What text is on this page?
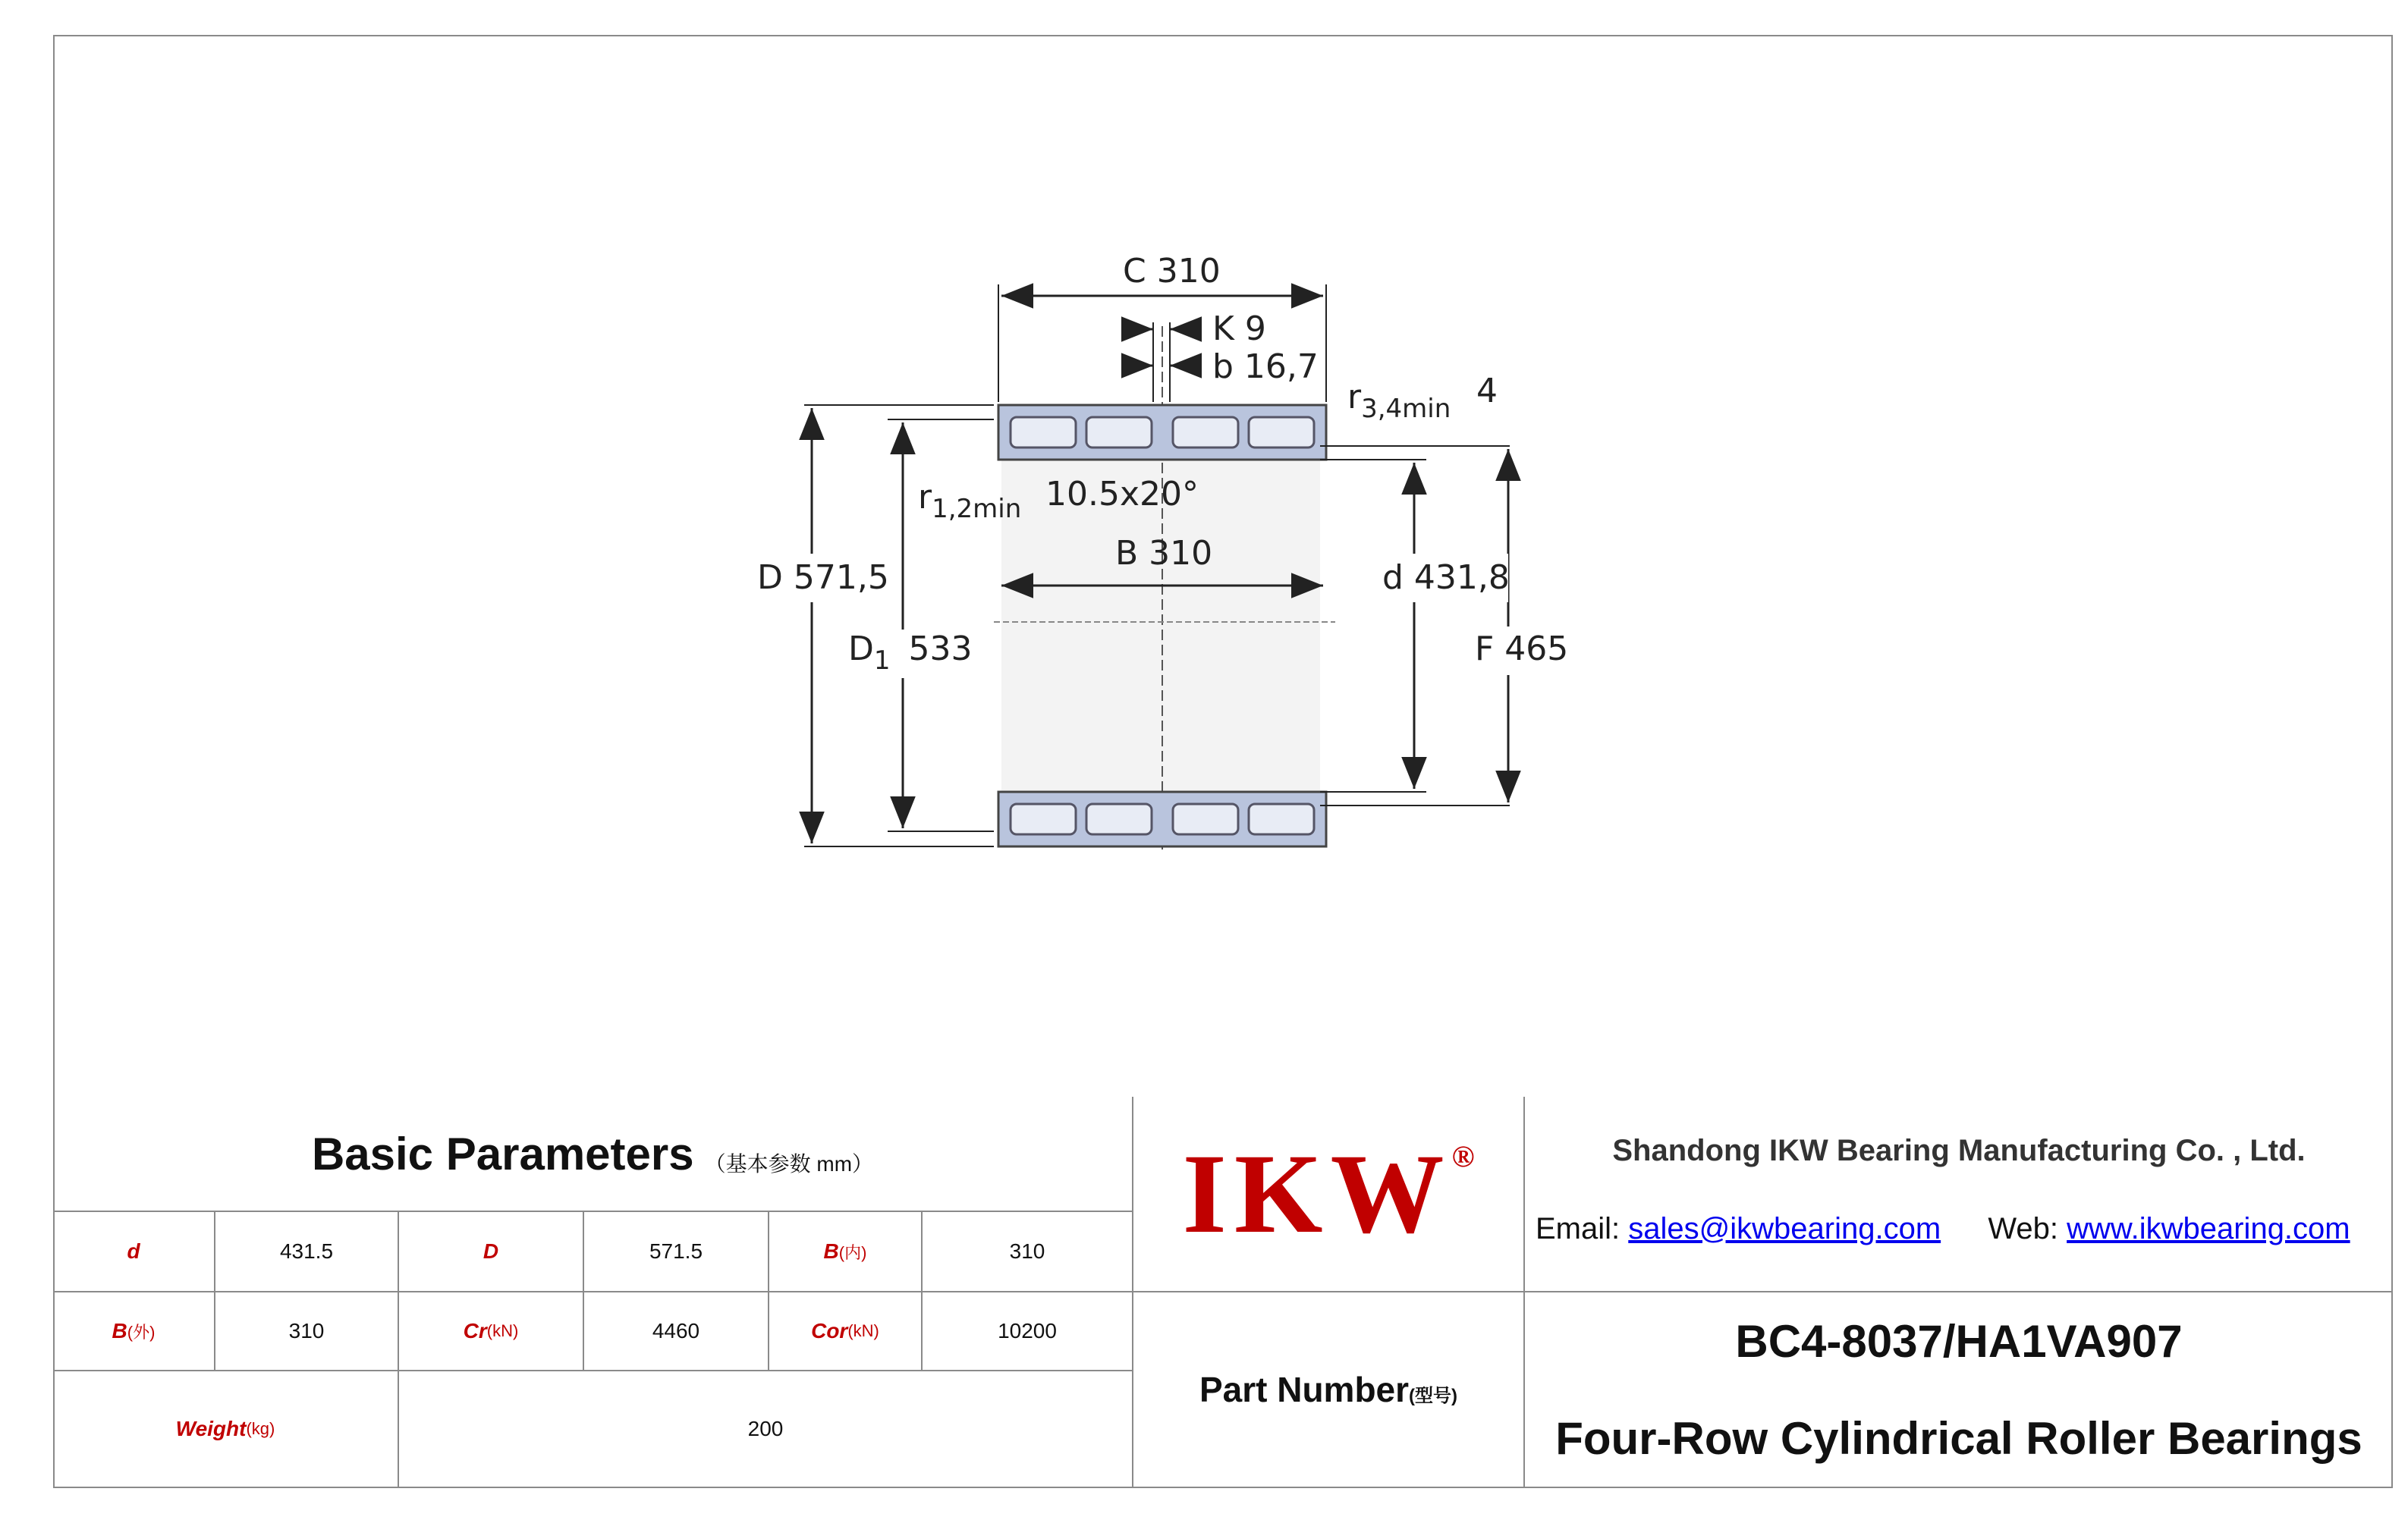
C 310
K 9
b 16,7
$r_{3,4min}$ 4
$r_{1,2min}$ 10.5x20°
B 310
D 571,5
$D_1$ 533
d 431,8
F 465
Basic Parameters （基本参数 mm）
d	431.5	D	571.5	B (内)	310
B (外)	310	Cr (kN)	4460	Cor (kN)	10200
Weight (kg)	200
IKW ®
Part Number(型号)
Shandong IKW Bearing Manufacturing Co. , Ltd.
Email: sales@ikwbearing.com Web: www.ikwbearing.com
BC4-8037/HA1VA907
Four-Row Cylindrical Roller Bearings
